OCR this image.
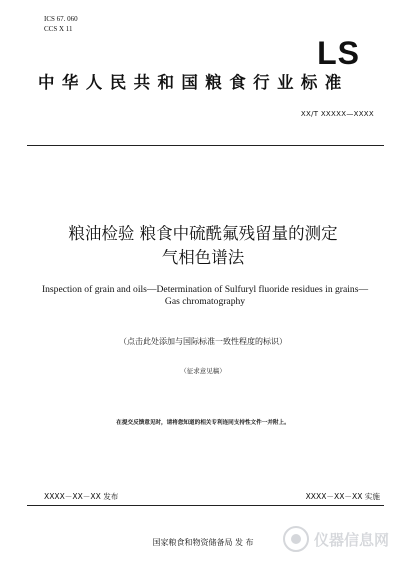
ICS 67. 060
CCS X 11
LS
中华人民共和国粮食行业标准
XX/T XXXXX—XXXX
粮油检验 粮食中硫酰氟残留量的测定
气相色谱法
Inspection of grain and oils—Determination of Sulfuryl fluoride residues in grains—
Gas chromatography
（点击此处添加与国际标准一致性程度的标识）
（征求意见稿）
在提交反馈意见时，请将您知道的相关专利连同支持性文件一并附上。
XXXX－XX－XX 发布	XXXX－XX－XX 实施
国家粮食和物资储备局 发 布	仪器信息网
